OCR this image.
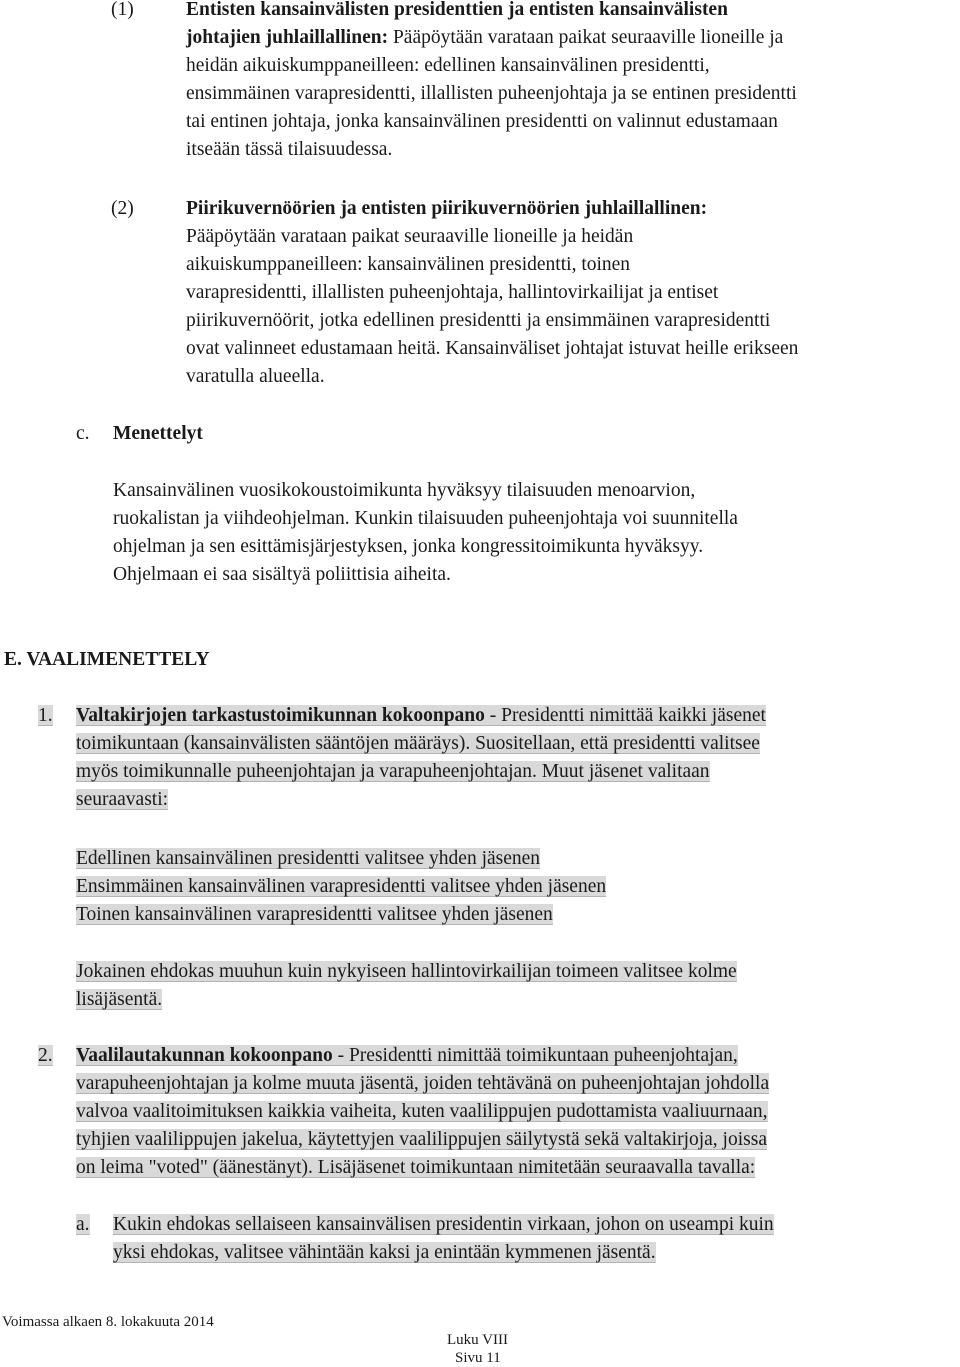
(1)	Entisten kansainvälisten presidenttien ja entisten kansainvälisten
johtajien juhlaillallinen: Pääpöytään varataan paikat seuraaville lioneille ja
heidän aikuiskumppaneilleen: edellinen kansainvälinen presidentti,
ensimmäinen varapresidentti, illallisten puheenjohtaja ja se entinen presidentti
tai entinen johtaja, jonka kansainvälinen presidentti on valinnut edustamaan
itseään tässä tilaisuudessa.
(2)	Piirikuvernöörien ja entisten piirikuvernöörien juhlaillallinen:
Pääpöytään varataan paikat seuraaville lioneille ja heidän
aikuiskumppaneilleen: kansainvälinen presidentti, toinen
varapresidentti, illallisten puheenjohtaja, hallintovirkailijat ja entiset
piirikuvernöörit, jotka edellinen presidentti ja ensimmäinen varapresidentti
ovat valinneet edustamaan heitä. Kansainväliset johtajat istuvat heille erikseen
varatulla alueella.
c. Menettelyt
Kansainvälinen vuosikokoustoimikunta hyväksyy tilaisuuden menoarvion,
ruokalistan ja viihdeohjelman. Kunkin tilaisuuden puheenjohtaja voi suunnitella
ohjelman ja sen esittämisjärjestyksen, jonka kongressitoimikunta hyväksyy.
Ohjelmaan ei saa sisältyä poliittisia aiheita.
E. VAALIMENETTELY
1. Valtakirjojen tarkastustoimikunnan kokoonpano - Presidentti nimittää kaikki jäsenet
toimikuntaan (kansainvälisten sääntöjen määräys). Suositellaan, että presidentti valitsee
myös toimikunnalle puheenjohtajan ja varapuheenjohtajan. Muut jäsenet valitaan
seuraavasti:
Edellinen kansainvälinen presidentti valitsee yhden jäsenen
Ensimmäinen kansainvälinen varapresidentti valitsee yhden jäsenen
Toinen kansainvälinen varapresidentti valitsee yhden jäsenen
Jokainen ehdokas muuhun kuin nykyiseen hallintovirkailijan toimeen valitsee kolme
lisäjäsentä.
2. Vaalilautakunnan kokoonpano - Presidentti nimittää toimikuntaan puheenjohtajan,
varapuheenjohtajan ja kolme muuta jäsentä, joiden tehtävänä on puheenjohtajan johdolla
valvoa vaalitoimituksen kaikkia vaiheita, kuten vaalilippujen pudottamista vaaliuurnaan,
tyhjien vaalilippujen jakelua, käytettyjen vaalilippujen säilytystä sekä valtakirjoja, joissa
on leima "voted" (äänestänyt). Lisäjäsenet toimikuntaan nimitetään seuraavalla tavalla:
a. Kukin ehdokas sellaiseen kansainvälisen presidentin virkaan, johon on useampi kuin
yksi ehdokas, valitsee vähintään kaksi ja enintään kymmenen jäsentä.
Voimassa alkaen 8. lokakuuta 2014
Luku VIII
Sivu 11
